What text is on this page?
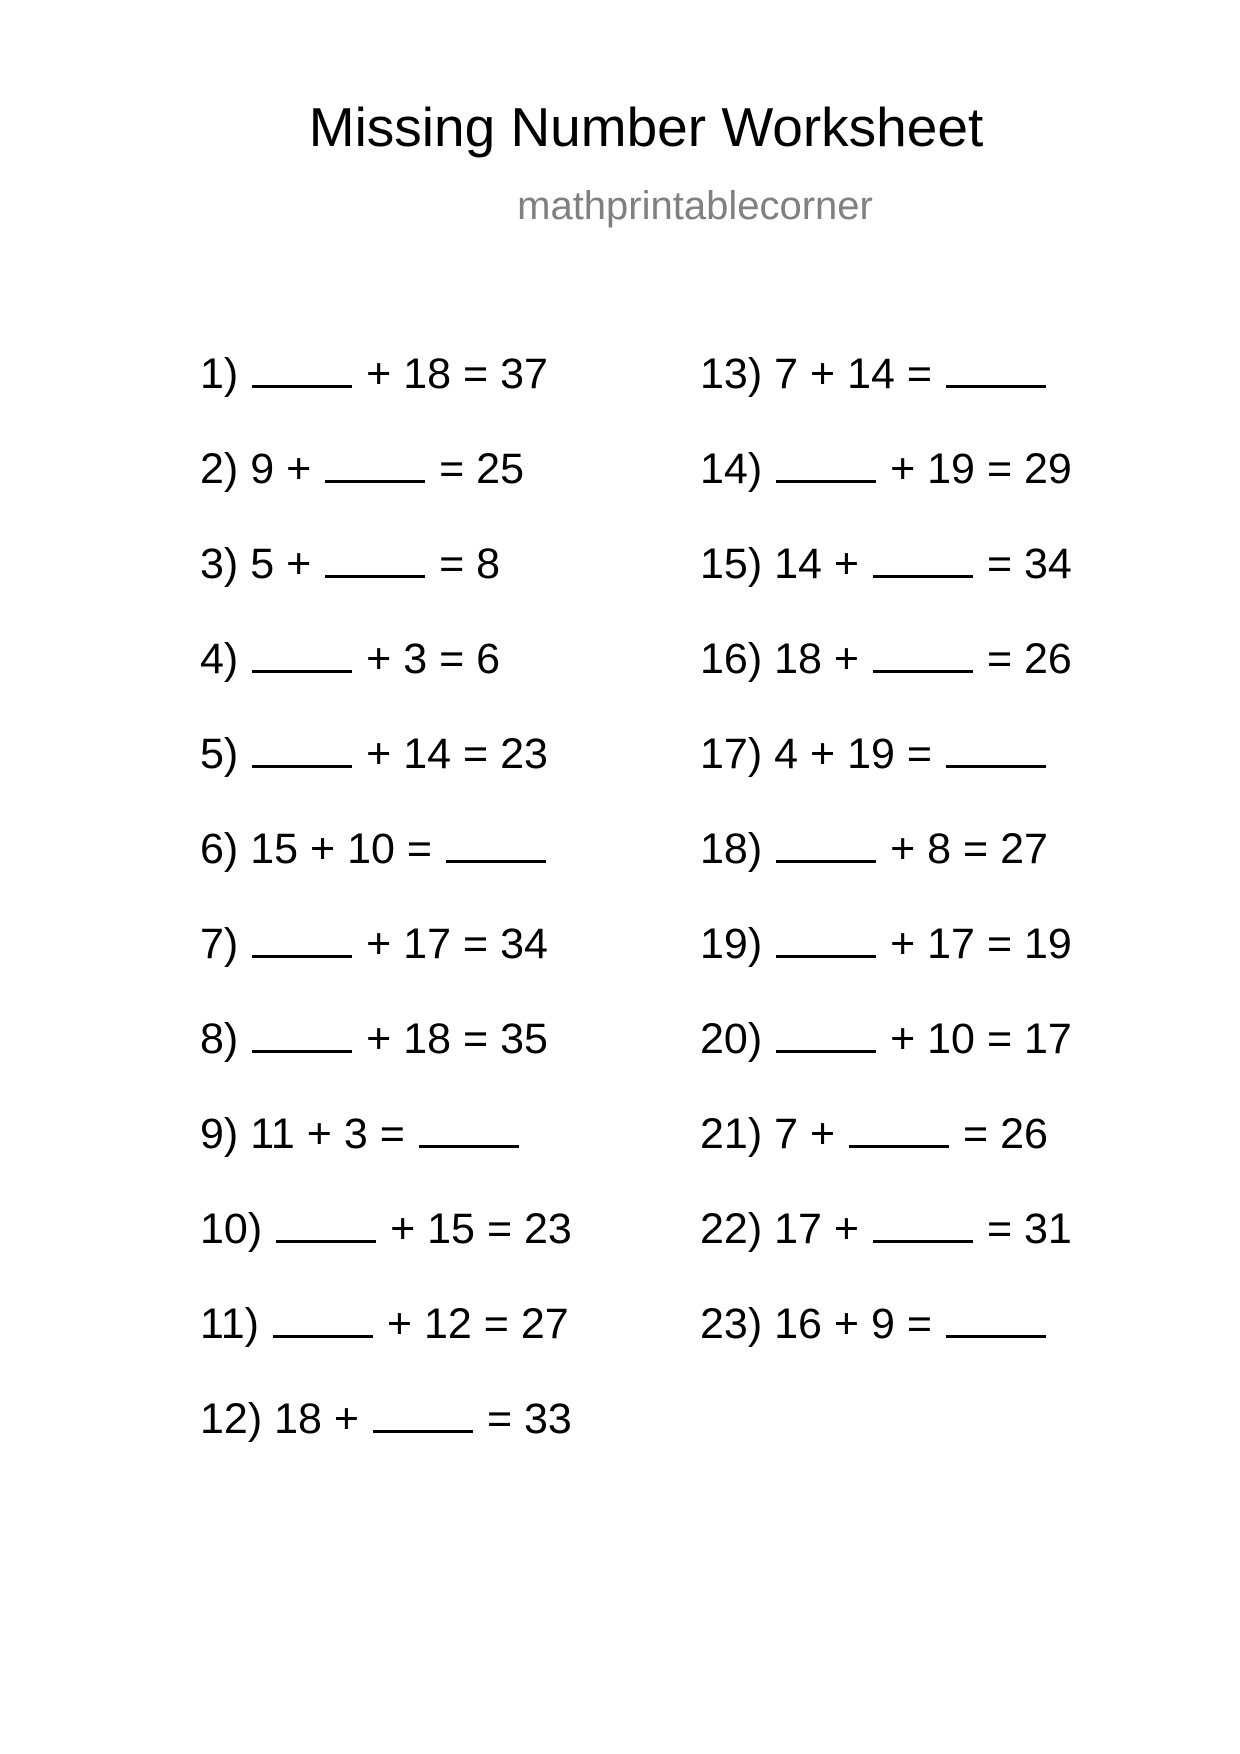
Missing Number Worksheet
mathprintablecorner
1)	+ 18 = 37
2) 9 +	= 25
3) 5 +	= 8
4)	+ 3 = 6
5)	+ 14 = 23
6) 15 + 10 =
7)	+ 17 = 34
8)	+ 18 = 35
9) 11 + 3 =
10)	+ 15 = 23
11)	+ 12 = 27
12) 18 +	= 33
13) 7 + 14 =
14)	+ 19 = 29
15) 14 +	= 34
16) 18 +	= 26
17) 4 + 19 =
18)	+ 8 = 27
19)	+ 17 = 19
20)	+ 10 = 17
21) 7 +	= 26
22) 17 +	= 31
23) 16 + 9 =
